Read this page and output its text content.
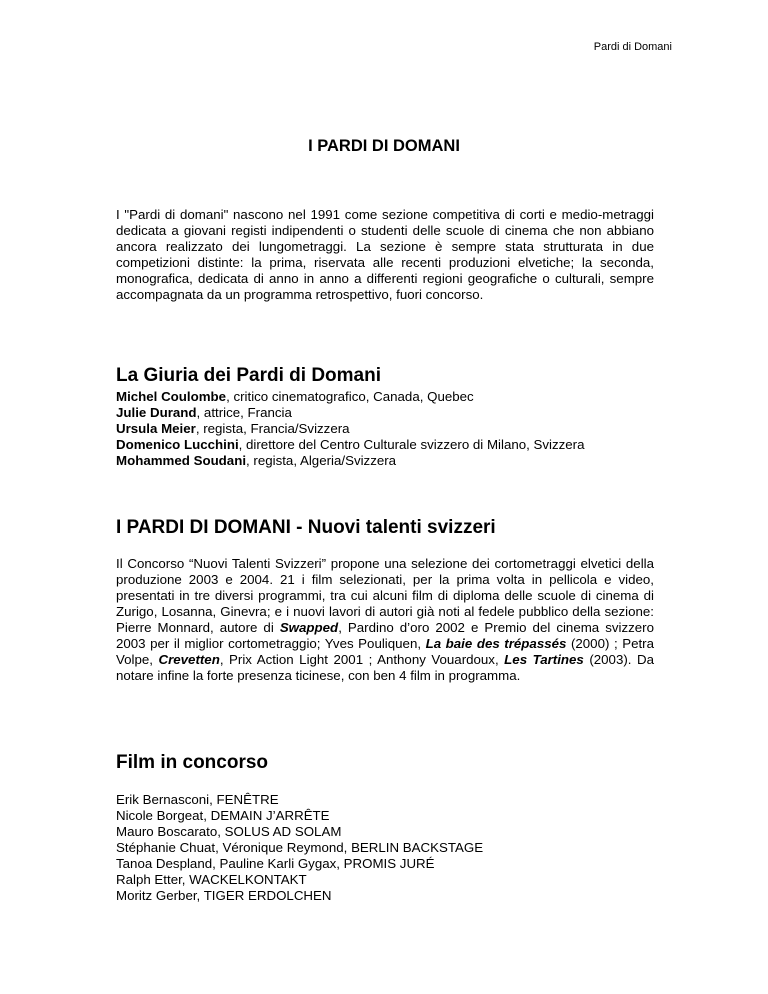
Pardi di Domani
I PARDI DI DOMANI

I "Pardi di domani" nascono nel 1991 come sezione competitiva di corti e medio-metraggi dedicata a giovani registi indipendenti o studenti delle scuole di cinema che non abbiano ancora realizzato dei lungometraggi. La sezione è sempre stata strutturata in due competizioni distinte: la prima, riservata alle recenti produzioni elvetiche; la seconda, monografica, dedicata di anno in anno a differenti regioni geografiche o culturali, sempre accompagnata da un programma retrospettivo, fuori concorso.

La Giuria dei Pardi di Domani
Michel Coulombe, critico cinematografico, Canada, Quebec
Julie Durand, attrice, Francia
Ursula Meier, regista, Francia/Svizzera
Domenico Lucchini, direttore del Centro Culturale svizzero di Milano, Svizzera
Mohammed Soudani, regista, Algeria/Svizzera
I PARDI DI DOMANI - Nuovi talenti svizzeri

Il Concorso “Nuovi Talenti Svizzeri” propone una selezione dei cortometraggi elvetici della produzione 2003 e 2004. 21 i film selezionati, per la prima volta in pellicola e video, presentati in tre diversi programmi, tra cui alcuni film di diploma delle scuole di cinema di Zurigo, Losanna, Ginevra; e i nuovi lavori di autori già noti al fedele pubblico della sezione: Pierre Monnard, autore di Swapped, Pardino d’oro 2002 e Premio del cinema svizzero 2003 per il miglior cortometraggio; Yves Pouliquen, La baie des trépassés (2000) ; Petra Volpe, Crevetten, Prix Action Light 2001 ; Anthony Vouardoux, Les Tartines (2003). Da notare infine la forte presenza ticinese, con ben 4 film in programma.

Film in concorso
Erik Bernasconi, FENÊTRE
Nicole Borgeat, DEMAIN J’ARRÊTE
Mauro Boscarato, SOLUS AD SOLAM
Stéphanie Chuat, Véronique Reymond, BERLIN BACKSTAGE
Tanoa Despland, Pauline Karli Gygax, PROMIS JURÉ
Ralph Etter, WACKELKONTAKT
Moritz Gerber, TIGER ERDOLCHEN
